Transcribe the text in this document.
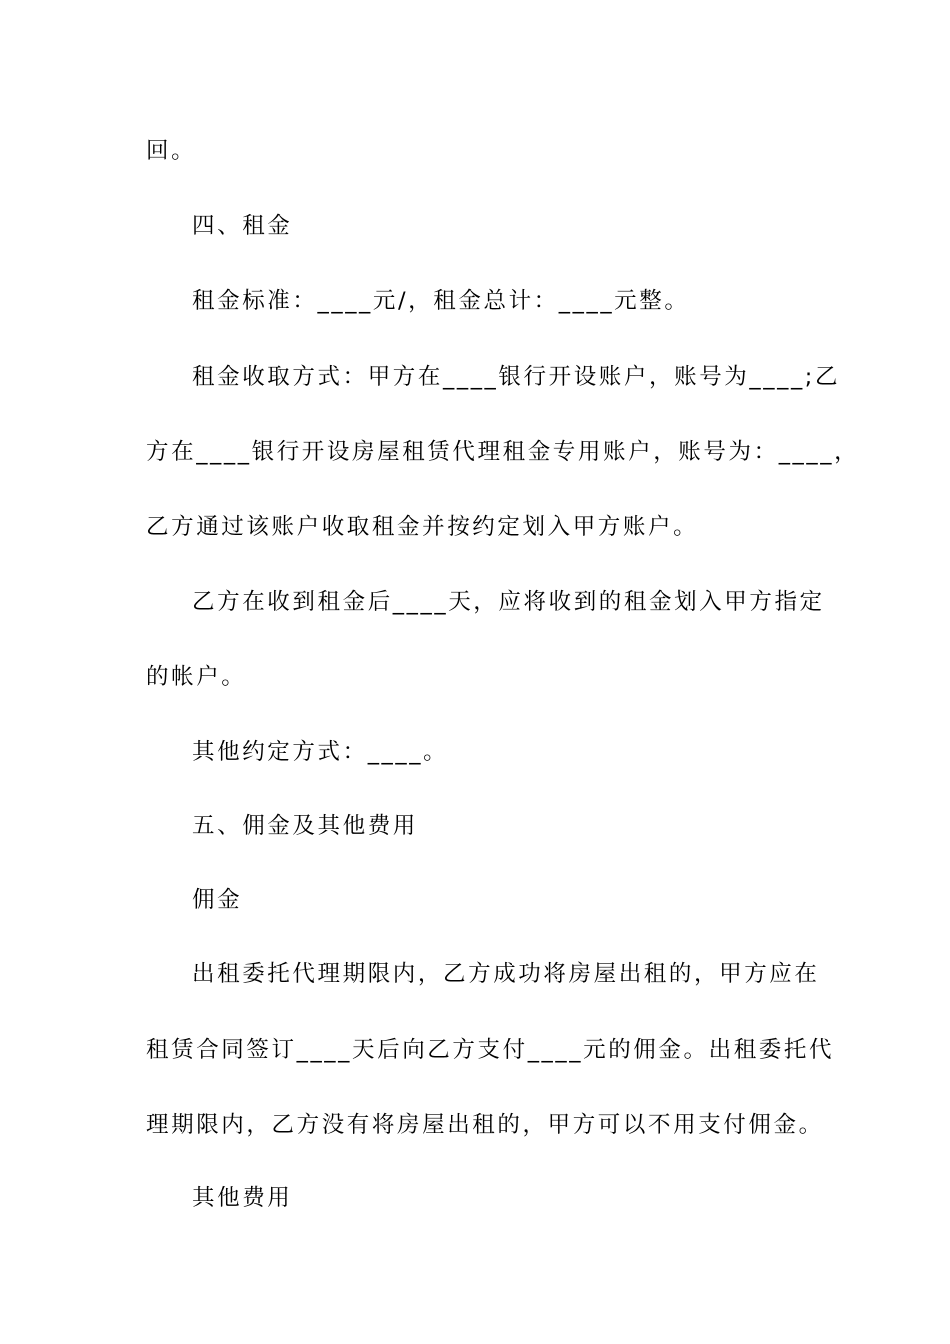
回。
四、租金
租金标准：____元/，租金总计：____元整。
租金收取方式：甲方在____银行开设账户，账号为____;乙
方在____银行开设房屋租赁代理租金专用账户，账号为：____，
乙方通过该账户收取租金并按约定划入甲方账户。
乙方在收到租金后____天，应将收到的租金划入甲方指定
的帐户。
其他约定方式：____。
五、佣金及其他费用
佣金
出租委托代理期限内，乙方成功将房屋出租的，甲方应在
租赁合同签订____天后向乙方支付____元的佣金。出租委托代
理期限内，乙方没有将房屋出租的，甲方可以不用支付佣金。
其他费用
